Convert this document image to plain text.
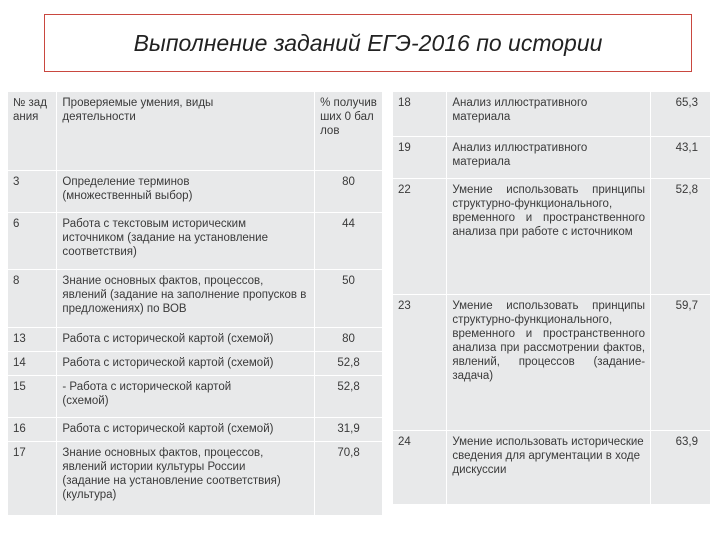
Выполнение заданий ЕГЭ-2016 по истории
№ задания	Проверяемые умения, виды деятельности	% получивших 0 баллов
3	Определение терминов (множественный выбор)	80
6	Работа с текстовым историческим источником (задание на установление соответствия)	44
8	Знание основных фактов, процессов, явлений (задание на заполнение пропусков в предложениях) по ВОВ	50
13	Работа с исторической картой (схемой)	80
14	Работа с исторической картой (схемой)	52,8
15	- Работа с исторической картой (схемой)	52,8
16	Работа с исторической картой (схемой)	31,9
17	Знание основных фактов, процессов, явлений истории культуры России (задание на установление соответствия)(культура)	70,8
18	Анализ иллюстративного материала	65,3
19	Анализ иллюстративного материала	43,1
22	Умение использовать принципы структурно-функционального, временного и пространственного анализа при работе с источником	52,8
23	Умение использовать принципы структурно-функционального, временного и пространственного анализа при рассмотрении фактов, явлений, процессов (задание-задача)	59,7
24	Умение использовать исторические сведения для аргументации в ходе дискуссии	63,9
